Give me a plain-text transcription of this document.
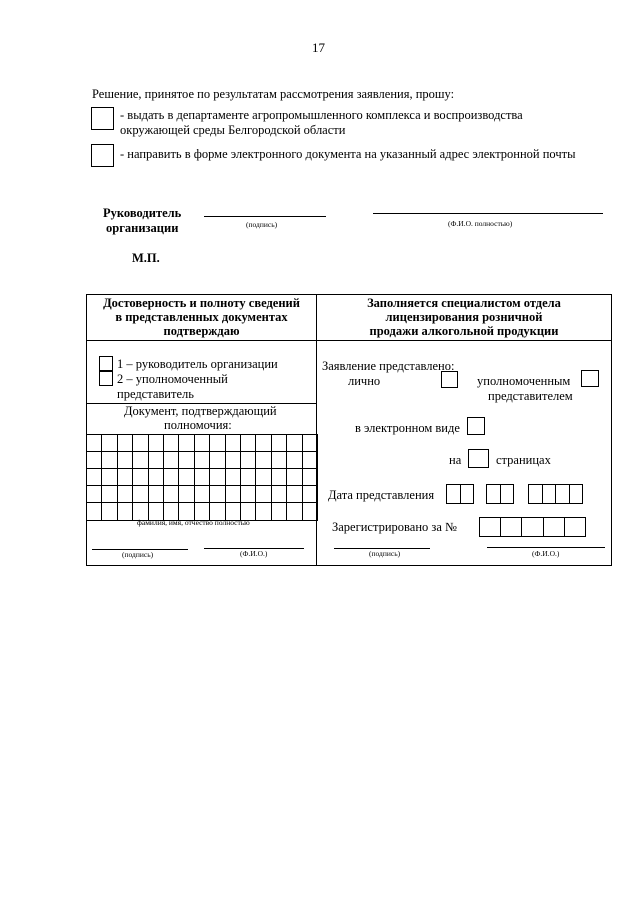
17
Решение, принятое по результатам рассмотрения заявления, прошу:
- выдать в департаменте агропромышленного комплекса и воспроизводства
окружающей среды Белгородской области
- направить в форме электронного документа на указанный адрес электронной почты
Руководитель
организации	(подпись)	(Ф.И.О. полностью)
М.П.
Достоверность и полноту сведений
в представленных документах
подтверждаю
Заполняется специалистом отдела
лицензирования розничной
продажи алкогольной продукции
1 – руководитель организации
2 – уполномоченный
представитель
Документ, подтверждающий
полномочия:
фамилия, имя, отчество полностью
(подпись)	(Ф.И.О.)
Заявление представлено:
лично	уполномоченным
представителем
в электронном виде
на	страницах
Дата представления
Зарегистрировано за №
(подпись)	(Ф.И.О.)
